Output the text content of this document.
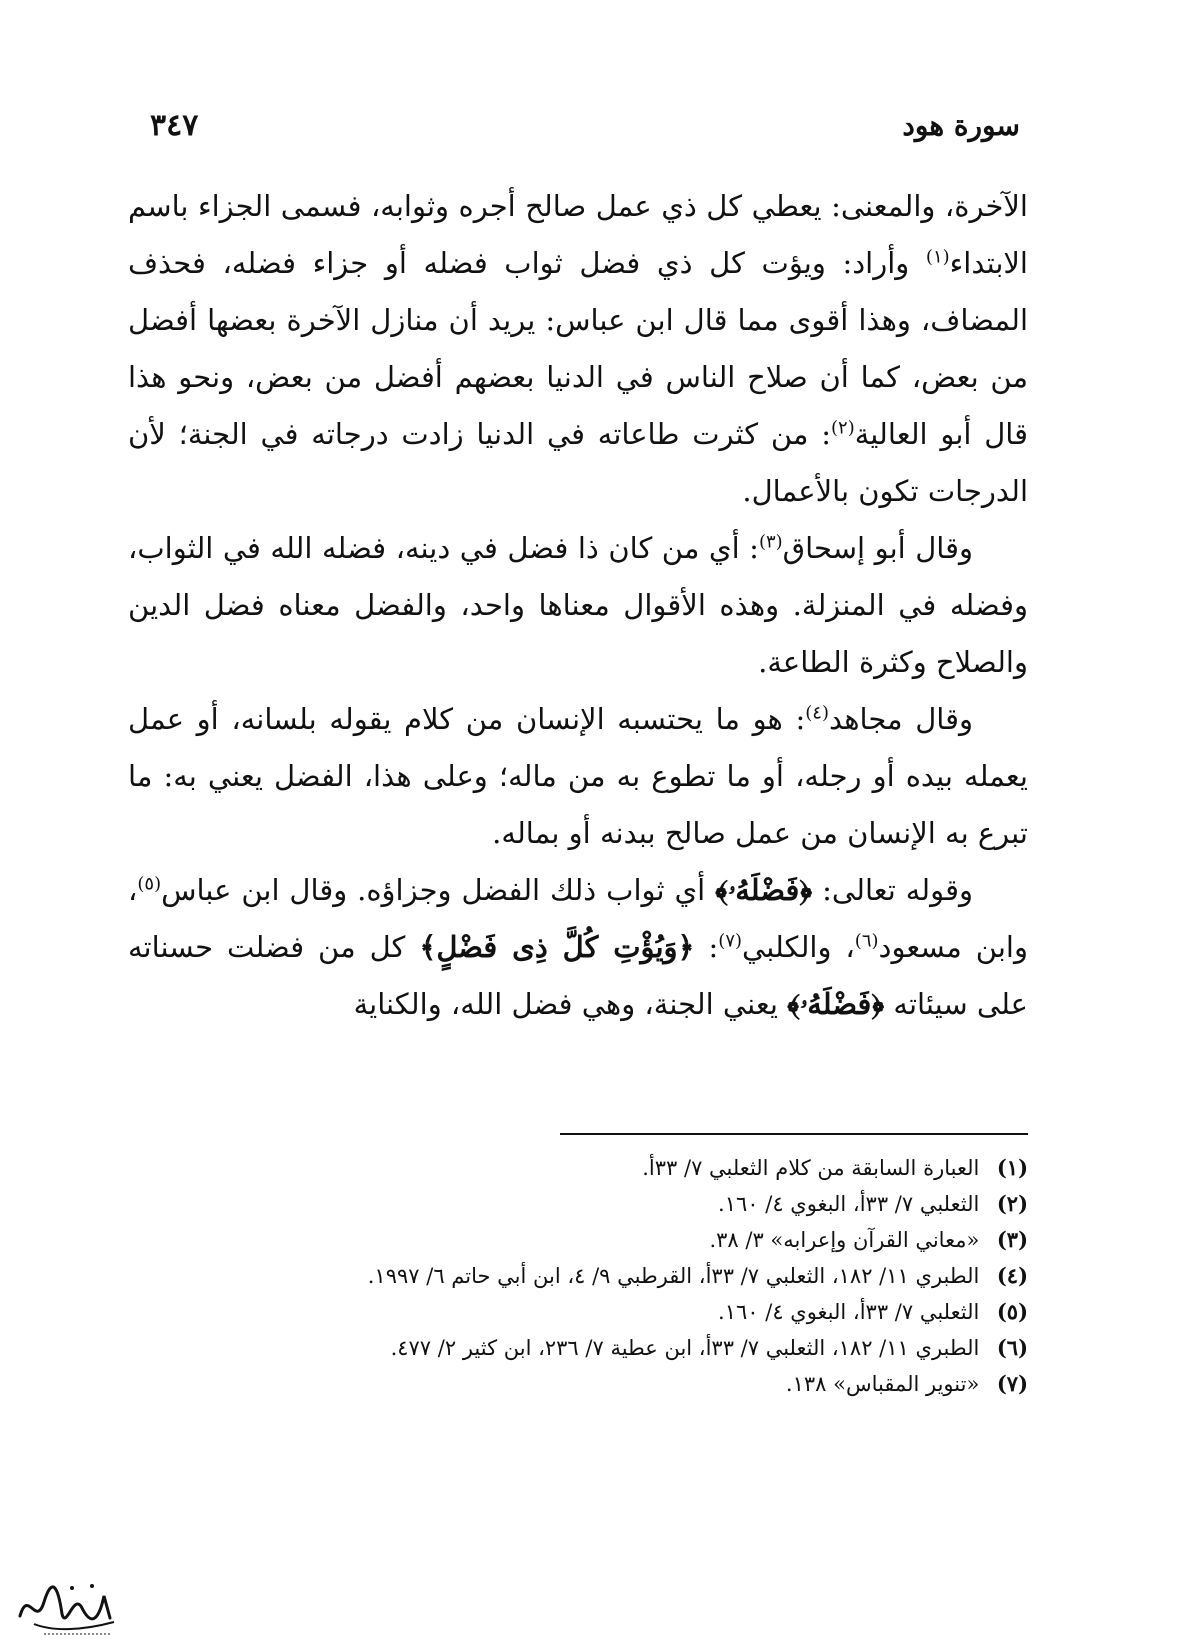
سورة هود
٣٤٧

الآخرة، والمعنى: يعطي كل ذي عمل صالح أجره وثوابه، فسمى الجزاء باسم الابتداء$^{(١)}$ وأراد: ويؤت كل ذي فضل ثواب فضله أو جزاء فضله، فحذف المضاف، وهذا أقوى مما قال ابن عباس: يريد أن منازل الآخرة بعضها أفضل من بعض، كما أن صلاح الناس في الدنيا بعضهم أفضل من بعض، ونحو هذا قال أبو العالية$^{(٢)}$: من كثرت طاعاته في الدنيا زادت درجاته في الجنة؛ لأن الدرجات تكون بالأعمال.

وقال أبو إسحاق$^{(٣)}$: أي من كان ذا فضل في دينه، فضله الله في الثواب، وفضله في المنزلة. وهذه الأقوال معناها واحد، والفضل معناه فضل الدين والصلاح وكثرة الطاعة.

وقال مجاهد$^{(٤)}$: هو ما يحتسبه الإنسان من كلام يقوله بلسانه، أو عمل يعمله بيده أو رجله، أو ما تطوع به من ماله؛ وعلى هذا، الفضل يعني به: ما تبرع به الإنسان من عمل صالح ببدنه أو بماله.

وقوله تعالى: ﴿فَضْلَهُۥ﴾ أي ثواب ذلك الفضل وجزاؤه. وقال ابن عباس$^{(٥)}$، وابن مسعود$^{(٦)}$، والكلبي$^{(٧)}$: ﴿وَيُؤْتِ كُلَّ ذِى فَضْلٍ﴾ كل من فضلت حسناته على سيئاته ﴿فَضْلَهُۥ﴾ يعني الجنة، وهي فضل الله، والكناية

(١) العبارة السابقة من كلام الثعلبي ٧/ ٣٣أ.

(٢) الثعلبي ٧/ ٣٣أ، البغوي ٤/ ١٦٠.

(٣) «معاني القرآن وإعرابه» ٣/ ٣٨.

(٤) الطبري ١١/ ١٨٢، الثعلبي ٧/ ٣٣أ، القرطبي ٩/ ٤، ابن أبي حاتم ٦/ ١٩٩٧.

(٥) الثعلبي ٧/ ٣٣أ، البغوي ٤/ ١٦٠.

(٦) الطبري ١١/ ١٨٢، الثعلبي ٧/ ٣٣أ، ابن عطية ٧/ ٢٣٦، ابن كثير ٢/ ٤٧٧.

(٧) «تنوير المقباس» ١٣٨.
